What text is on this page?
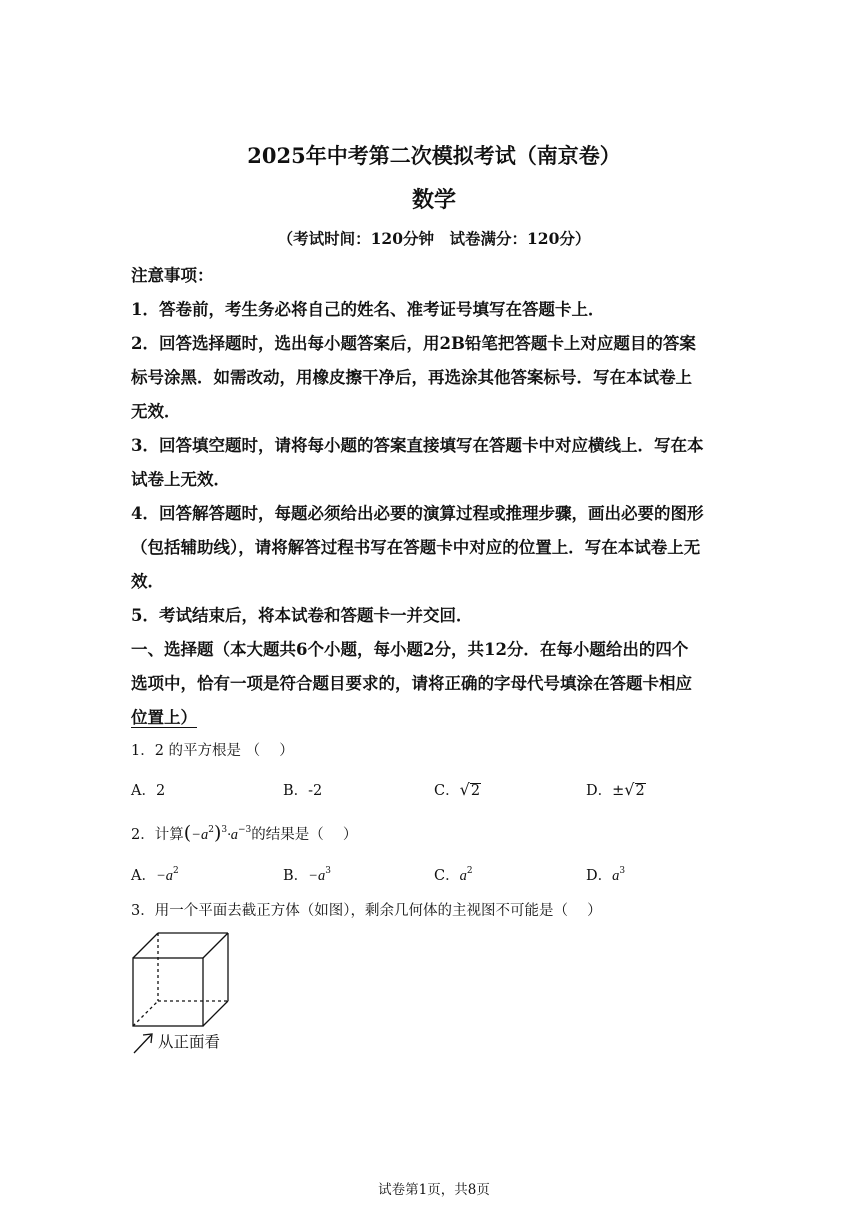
2025年中考第二次模拟考试（南京卷）
数学
（考试时间：120分钟　试卷满分：120分）
注意事项：
1．答卷前，考生务必将自己的姓名、准考证号填写在答题卡上．
2．回答选择题时，选出每小题答案后，用2B铅笔把答题卡上对应题目的答案
标号涂黑．如需改动，用橡皮擦干净后，再选涂其他答案标号．写在本试卷上
无效．
3．回答填空题时，请将每小题的答案直接填写在答题卡中对应横线上．写在本
试卷上无效．
4．回答解答题时，每题必须给出必要的演算过程或推理步骤，画出必要的图形
（包括辅助线），请将解答过程书写在答题卡中对应的位置上．写在本试卷上无
效．
5．考试结束后，将本试卷和答题卡一并交回．
一、选择题（本大题共6个小题，每小题2分，共12分．在每小题给出的四个
选项中，恰有一项是符合题目要求的，请将正确的字母代号填涂在答题卡相应
位置上）
1．2 的平方根是 （　 ）
A．2	B．-2	C．√2	D．±√2
2．计算$(-a^2)^3\cdot a^{-3}$的结果是（　 ）
A．$-a^2$	B．$-a^3$	C．$a^2$	D．$a^3$
3．用一个平面去截正方体（如图），剩余几何体的主视图不可能是（　 ）
从正面看
试卷第1页，共8页
